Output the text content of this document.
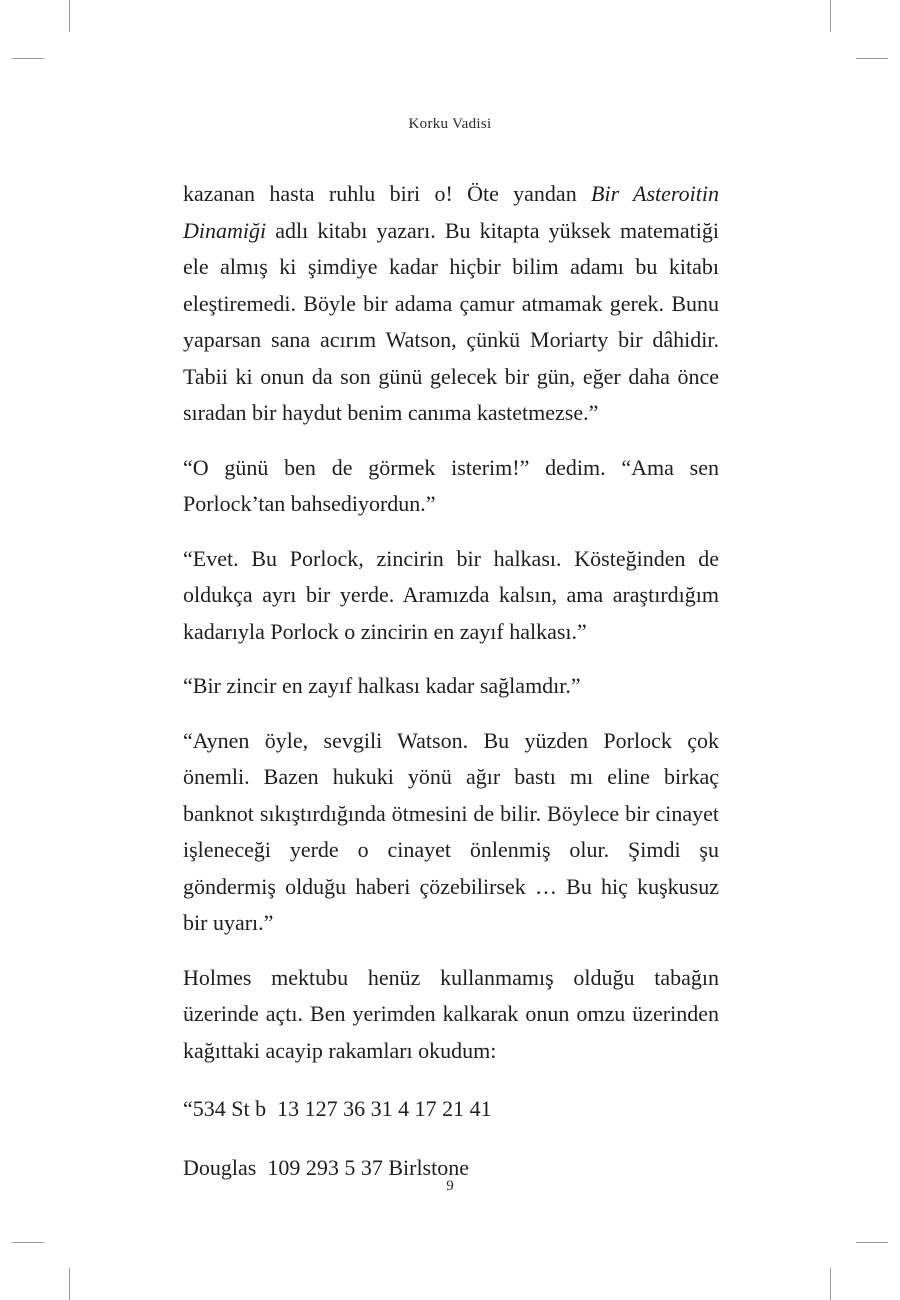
Korku Vadisi

kazanan hasta ruhlu biri o! Öte yandan Bir Asteroitin Dinamiği adlı kitabı yazarı. Bu kitapta yüksek matematiği ele almış ki şimdiye kadar hiçbir bilim adamı bu kitabı eleştiremedi. Böyle bir adama çamur atmamak gerek. Bunu yaparsan sana acırım Watson, çünkü Moriarty bir dâhidir. Tabii ki onun da son günü gelecek bir gün, eğer daha önce sıradan bir haydut benim canıma kastetmezse.”

“O günü ben de görmek isterim!” dedim. “Ama sen Porlock’tan bahsediyordun.”

“Evet. Bu Porlock, zincirin bir halkası. Kösteğinden de oldukça ayrı bir yerde. Aramızda kalsın, ama araştırdığım kadarıyla Porlock o zincirin en zayıf halkası.”

“Bir zincir en zayıf halkası kadar sağlamdır.”

“Aynen öyle, sevgili Watson. Bu yüzden Porlock çok önemli. Bazen hukuki yönü ağır bastı mı eline birkaç banknot sıkıştırdığında ötmesini de bilir. Böylece bir cinayet işleneceği yerde o cinayet önlenmiş olur. Şimdi şu göndermiş olduğu haberi çözebilirsek … Bu hiç kuşkusuz bir uyarı.”

Holmes mektubu henüz kullanmamış olduğu tabağın üzerinde açtı. Ben yerimden kalkarak onun omzu üzerinden kağıttaki acayip rakamları okudum:

“534 St b  13 127 36 31 4 17 21 41

Douglas  109 293 5 37 Birlstone

9
